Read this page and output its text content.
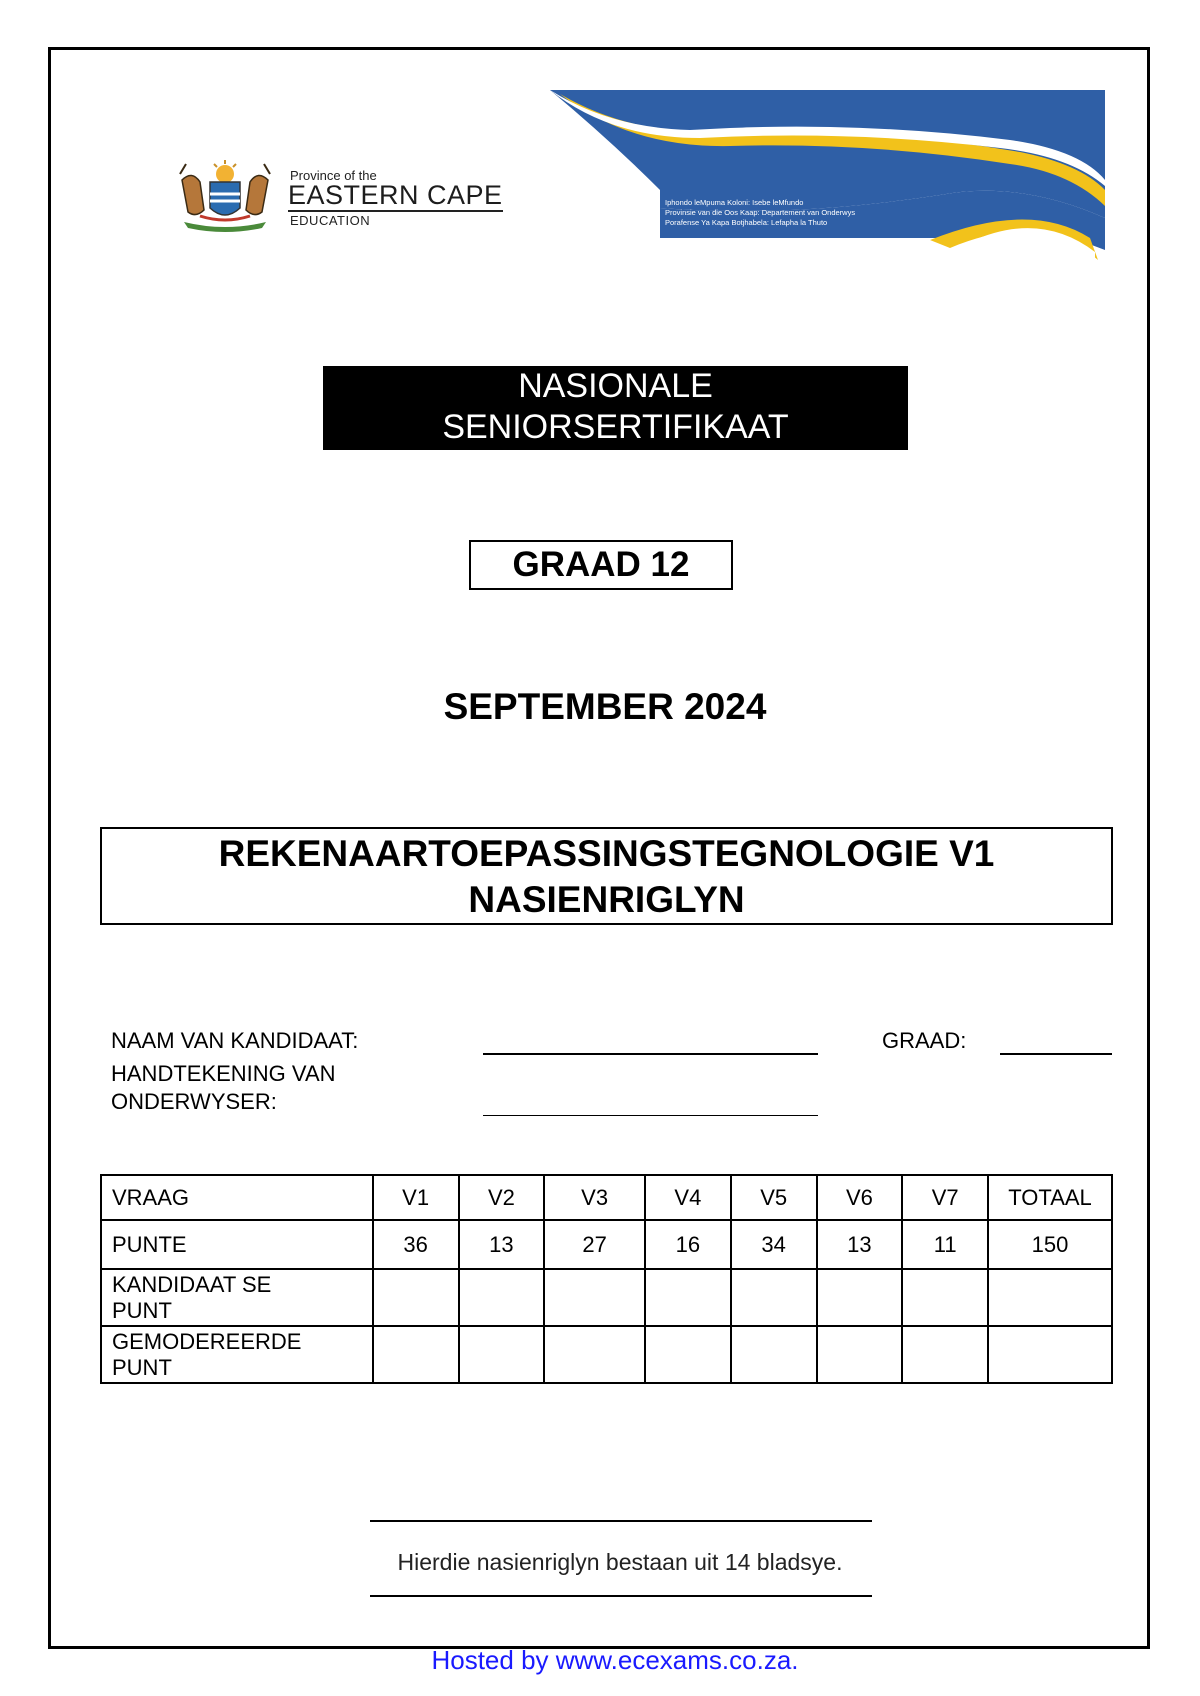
Province of the
EASTERN CAPE
EDUCATION
Iphondo leMpuma Koloni: Isebe leMfundo
Provinsie van die Oos Kaap: Departement van Onderwys
Porafense Ya Kapa Botjhabela: Lefapha la Thuto
NASIONALE
SENIORSERTIFIKAAT
GRAAD 12
SEPTEMBER 2024
REKENAARTOEPASSINGSTEGNOLOGIE V1
NASIENRIGLYN
NAAM VAN KANDIDAAT:	GRAAD:
HANDTEKENING VAN
ONDERWYSER:
VRAAG	V1	V2	V3	V4	V5	V6	V7	TOTAAL
PUNTE	36	13	27	16	34	13	11	150

KANDIDAAT SE
PUNT								

GEMODEREERDE
PUNT								

Hierdie nasienriglyn bestaan uit 14 bladsye.
Hosted by www.ecexams.co.za.
